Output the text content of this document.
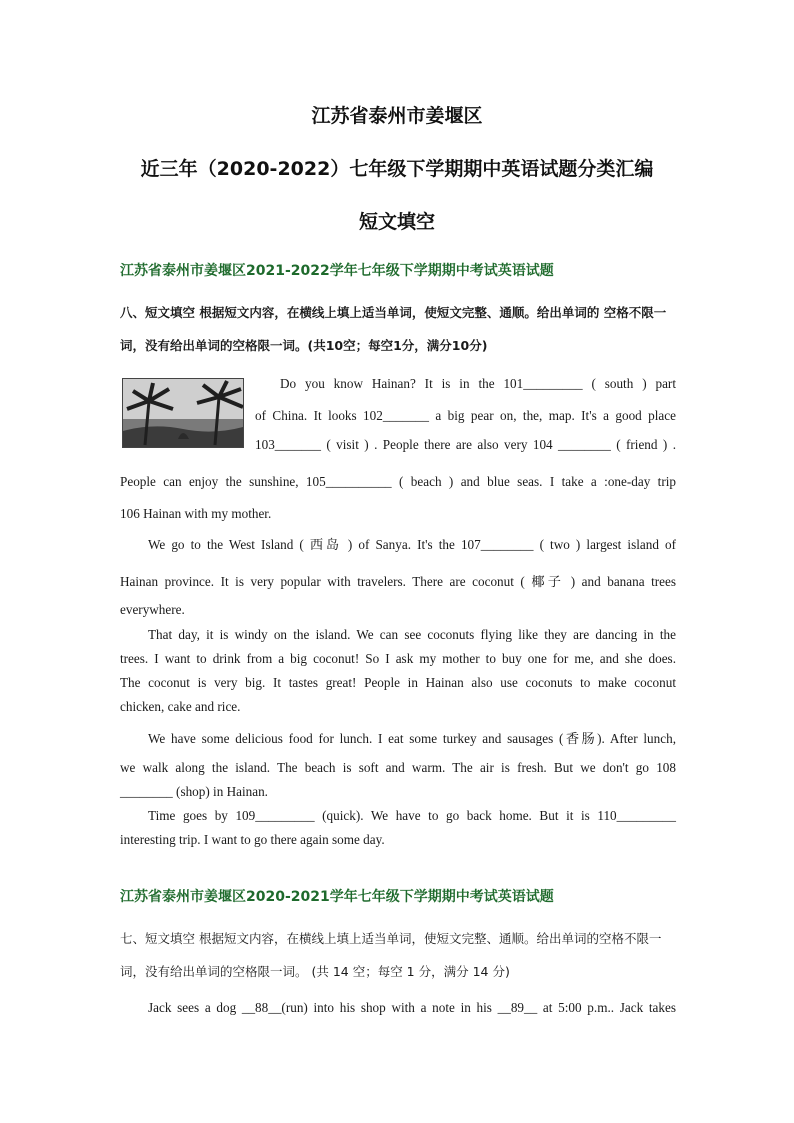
江苏省泰州市姜堰区
近三年（2020-2022）七年级下学期期中英语试题分类汇编
短文填空
江苏省泰州市姜堰区2021-2022学年七年级下学期期中考试英语试题
八、短文填空 根据短文内容，在横线上填上适当单词，使短文完整、通顺。给出单词的 空格不限一词，没有给出单词的空格限一词。(共10空；每空1分，满分10分)
Do you know Hainan? It is in the 101_________ ( south ) part
of China. It looks 102_______ a big pear on, the, map. It's a good place
103_______ ( visit ) . People there are also very 104 ________ ( friend ) .
People can enjoy the sunshine, 105__________ ( beach ) and blue seas. I take a :one-day trip
106 Hainan with my mother.
We go to the West Island ( 西岛 ) of Sanya. It's the 107________ ( two ) largest island of
Hainan province. It is very popular with travelers. There are coconut ( 椰子 ) and banana trees
everywhere.
That day, it is windy on the island. We can see coconuts flying like they are dancing in the
trees. I want to drink from a big coconut! So I ask my mother to buy one for me, and she does.
The coconut is very big. It tastes great! People in Hainan also use coconuts to make coconut
chicken, cake and rice.
We have some delicious food for lunch. I eat some turkey and sausages (香肠). After lunch,
we walk along the island. The beach is soft and warm. The air is fresh. But we don't go 108
________ (shop) in Hainan.
Time goes by 109_________ (quick). We have to go back home. But it is 110_________
interesting trip. I want to go there again some day.
江苏省泰州市姜堰区2020-2021学年七年级下学期期中考试英语试题
七、短文填空 根据短文内容，在横线上填上适当单词，使短文完整、通顺。给出单词的空格不限一词，没有给出单词的空格限一词。 (共 14 空；每空 1 分，满分 14 分)
Jack sees a dog __88__(run) into his shop with a note in his __89__ at 5:00 p.m.. Jack takes
